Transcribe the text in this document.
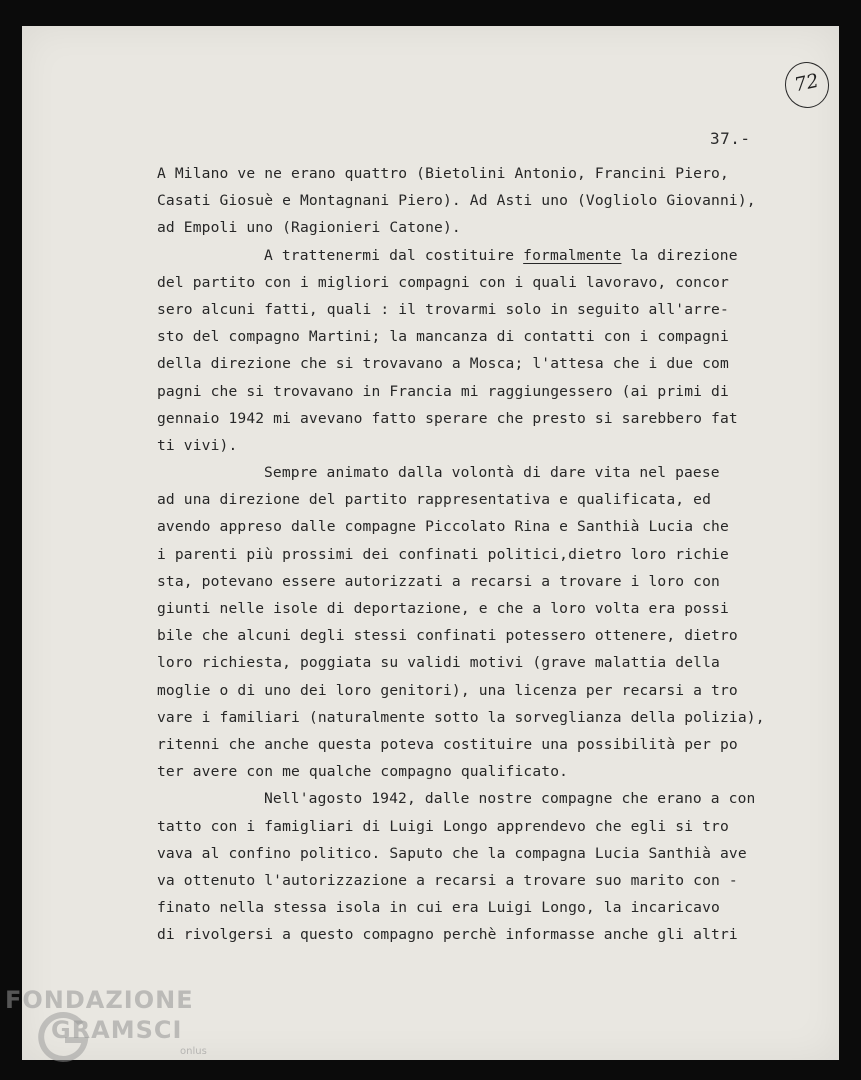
72
37.-
A Milano ve ne erano quattro (Bietolini Antonio, Francini Piero,
Casati Giosuè e Montagnani Piero). Ad Asti uno (Vogliolo Giovanni),
ad Empoli uno (Ragionieri Catone).
A trattenermi dal costituire formalmente la direzione
del partito con i migliori compagni con i quali lavoravo, concor
sero alcuni fatti, quali : il trovarmi solo in seguito all'arre-
sto del compagno Martini; la mancanza di contatti con i compagni
della direzione che si trovavano a Mosca; l'attesa che i due com
pagni che si trovavano in Francia mi raggiungessero (ai primi di
gennaio 1942 mi avevano fatto sperare che presto si sarebbero fat
ti vivi).
Sempre animato dalla volontà di dare vita nel paese
ad una direzione del partito rappresentativa e qualificata, ed
avendo appreso dalle compagne Piccolato Rina e Santhià Lucia che
i parenti più prossimi dei confinati politici,dietro loro richie
sta, potevano essere autorizzati a recarsi a trovare i loro con
giunti nelle isole di deportazione, e che a loro volta era possi
bile che alcuni degli stessi confinati potessero ottenere, dietro
loro richiesta, poggiata su validi motivi (grave malattia della
moglie o di uno dei loro genitori), una licenza per recarsi a tro
vare i familiari (naturalmente sotto la sorveglianza della polizia),
ritenni che anche questa poteva costituire una possibilità per po
ter avere con me qualche compagno qualificato.
Nell'agosto 1942, dalle nostre compagne che erano a con
tatto con i famigliari di Luigi Longo apprendevo che egli si tro
vava al confino politico. Saputo che la compagna Lucia Santhià ave
va ottenuto l'autorizzazione a recarsi a trovare suo marito con -
finato nella stessa isola in cui era Luigi Longo, la incaricavo
di rivolgersi a questo compagno perchè informasse anche gli altri
FONDAZIONE
GRAMSCI
onlus
